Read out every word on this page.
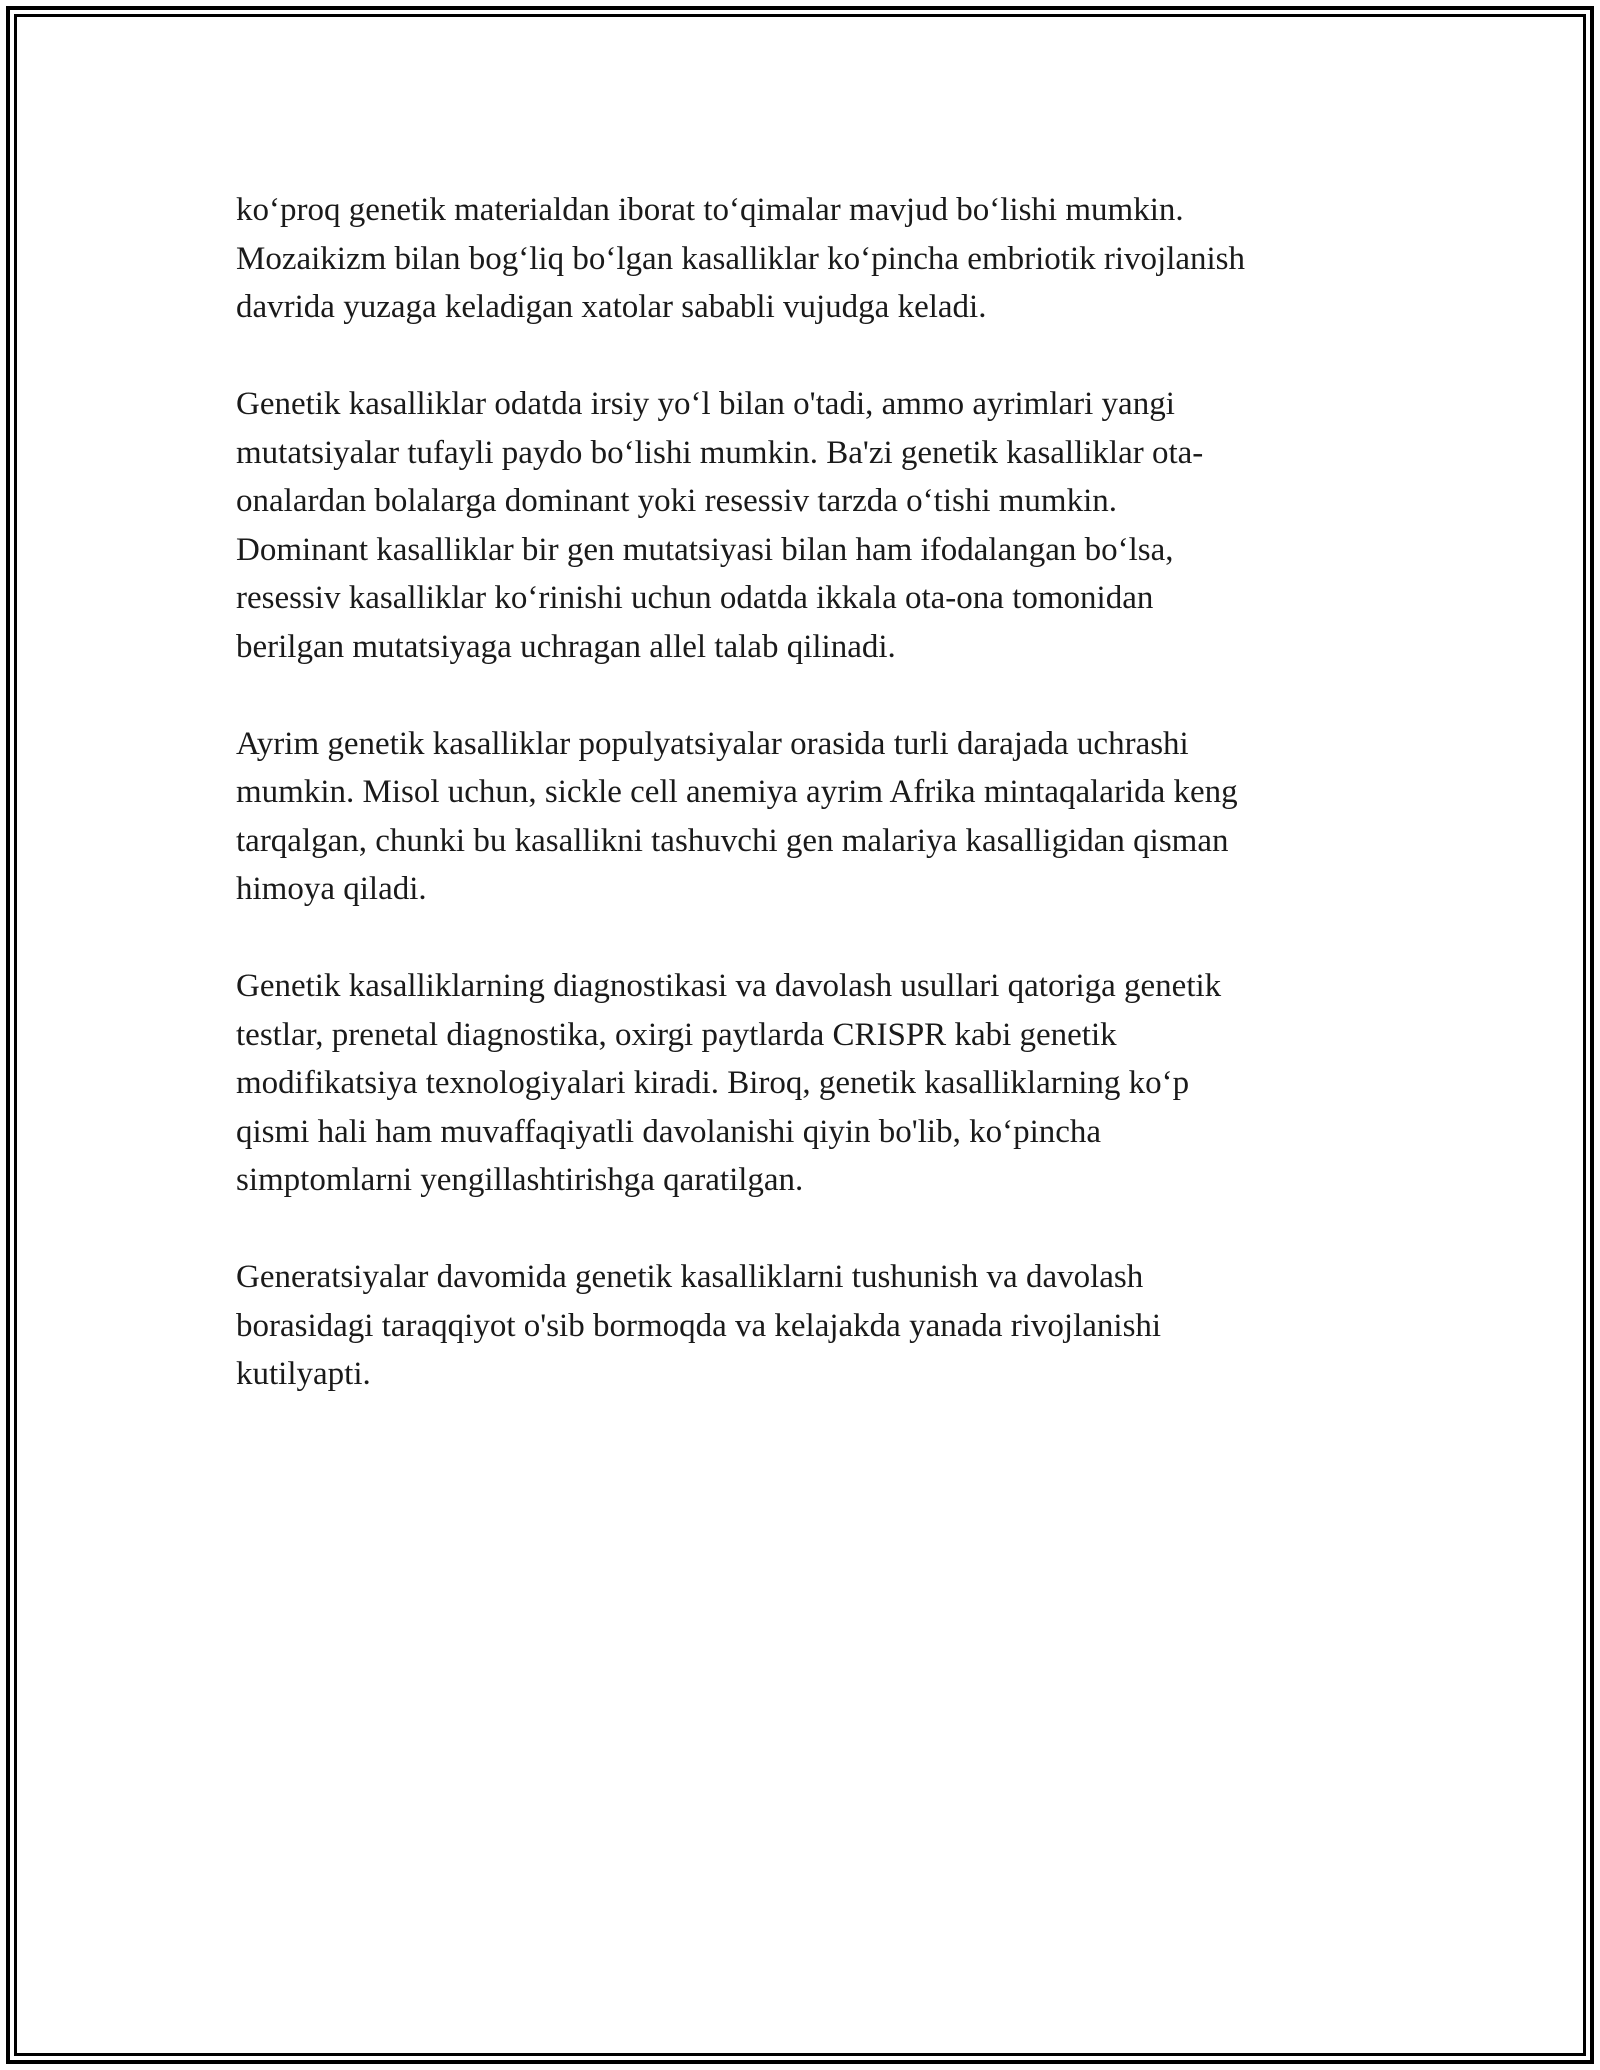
ko‘proq genetik materialdan iborat to‘qimalar mavjud bo‘lishi mumkin.
Mozaikizm bilan bog‘liq bo‘lgan kasalliklar ko‘pincha embriotik rivojlanish
davrida yuzaga keladigan xatolar sababli vujudga keladi.

Genetik kasalliklar odatda irsiy yo‘l bilan o'tadi, ammo ayrimlari yangi
mutatsiyalar tufayli paydo bo‘lishi mumkin. Ba'zi genetik kasalliklar ota-
onalardan bolalarga dominant yoki resessiv tarzda o‘tishi mumkin.
Dominant kasalliklar bir gen mutatsiyasi bilan ham ifodalangan bo‘lsa,
resessiv kasalliklar ko‘rinishi uchun odatda ikkala ota-ona tomonidan
berilgan mutatsiyaga uchragan allel talab qilinadi.

Ayrim genetik kasalliklar populyatsiyalar orasida turli darajada uchrashi
mumkin. Misol uchun, sickle cell anemiya ayrim Afrika mintaqalarida keng
tarqalgan, chunki bu kasallikni tashuvchi gen malariya kasalligidan qisman
himoya qiladi.

Genetik kasalliklarning diagnostikasi va davolash usullari qatoriga genetik
testlar, prenetal diagnostika, oxirgi paytlarda CRISPR kabi genetik
modifikatsiya texnologiyalari kiradi. Biroq, genetik kasalliklarning ko‘p
qismi hali ham muvaffaqiyatli davolanishi qiyin bo'lib, ko‘pincha
simptomlarni yengillashtirishga qaratilgan.

Generatsiyalar davomida genetik kasalliklarni tushunish va davolash
borasidagi taraqqiyot o'sib bormoqda va kelajakda yanada rivojlanishi
kutilyapti.
